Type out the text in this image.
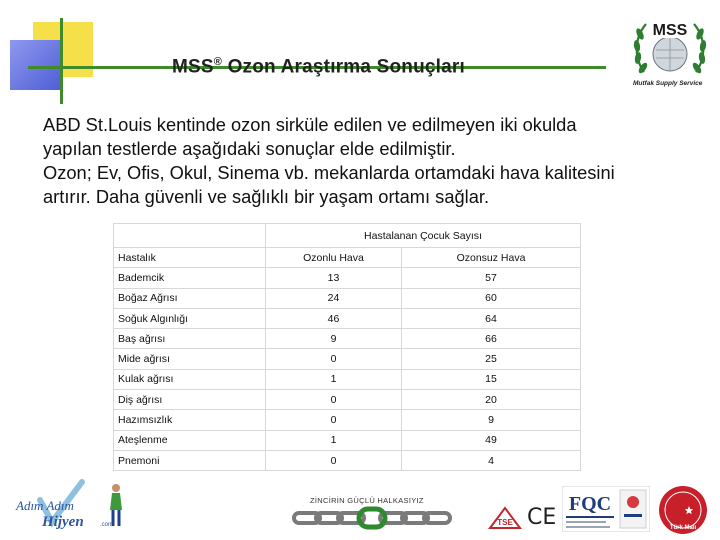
MSS® Ozon Araştırma Sonuçları
MSS
Mutfak Supply Service
ABD St.Louis kentinde ozon sirküle edilen ve edilmeyen iki okulda
yapılan testlerde aşağıdaki sonuçlar elde edilmiştir.
Ozon; Ev, Ofis, Okul, Sinema vb. mekanlarda ortamdaki hava kalitesini
artırır. Daha güvenli ve sağlıklı bir yaşam ortamı sağlar.
	Hastalanan Çocuk Sayısı	
Hastalık	Ozonlu Hava	Ozonsuz Hava
Bademcik	13	57
Boğaz Ağrısı	24	60
Soğuk Algınlığı	46	64
Baş ağrısı	9	66
Mide ağrısı	0	25
Kulak ağrısı	1	15
Diş ağrısı	0	20
Hazımsızlık	0	9
Ateşlenme	1	49
Pnemoni	0	4
Adım Adım
Hijyen	.com
ZİNCİRİN GÜÇLÜ HALKASIYIZ
TSE CE
FQC
Türk Malı
